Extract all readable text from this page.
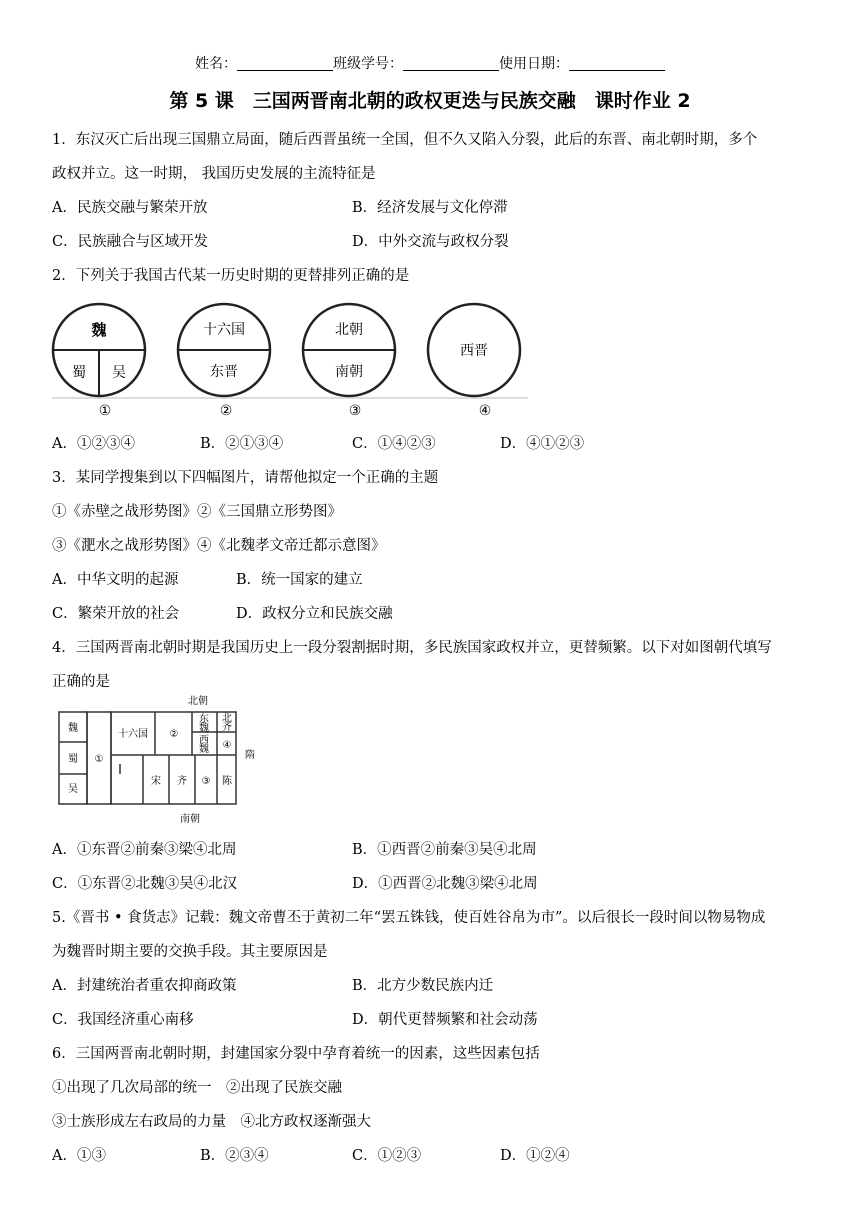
姓名：	班级学号：	使用日期：
第 5 课　三国两晋南北朝的政权更迭与民族交融　课时作业 2
1．东汉灭亡后出现三国鼎立局面，随后西晋虽统一全国，但不久又陷入分裂，此后的东晋、南北朝时期，多个
政权并立。这一时期， 我国历史发展的主流特征是
A．民族交融与繁荣开放	B．经济发展与文化停滞
C．民族融合与区域开发	D．中外交流与政权分裂
2．下列关于我国古代某一历史时期的更替排列正确的是
魏
蜀 吴
①
十六国
东晋
②
北朝
南朝
③
西晋
④
A．①②③④	B．②①③④	C．①④②③	D．④①②③
3．某同学搜集到以下四幅图片，请帮他拟定一个正确的主题
①《赤壁之战形势图》②《三国鼎立形势图》
③《淝水之战形势图》④《北魏孝文帝迁都示意图》
A．中华文明的起源	B．统一国家的建立
C．繁荣开放的社会	D．政权分立和民族交融
4．三国两晋南北朝时期是我国历史上一段分裂割据时期，多民族国家政权并立，更替频繁。以下对如图朝代填写
正确的是
北朝
南朝
魏
蜀
吴
①
十六国 ②
东
魏
西
魏
北
齐
④
宋 齐 ③ 陈
隋
A．①东晋②前秦③梁④北周	B．①西晋②前秦③吴④北周
C．①东晋②北魏③吴④北汉	D．①西晋②北魏③梁④北周
5.《晋书 • 食货志》记载：魏文帝曹丕于黄初二年“罢五铢钱，使百姓谷帛为市”。以后很长一段时间以物易物成
为魏晋时期主要的交换手段。其主要原因是
A．封建统治者重农抑商政策	B．北方少数民族内迁
C．我国经济重心南移	D．朝代更替频繁和社会动荡
6．三国两晋南北朝时期，封建国家分裂中孕育着统一的因素，这些因素包括
①出现了几次局部的统一　②出现了民族交融
③士族形成左右政局的力量　④北方政权逐渐强大
A．①③	B．②③④	C．①②③	D．①②④
